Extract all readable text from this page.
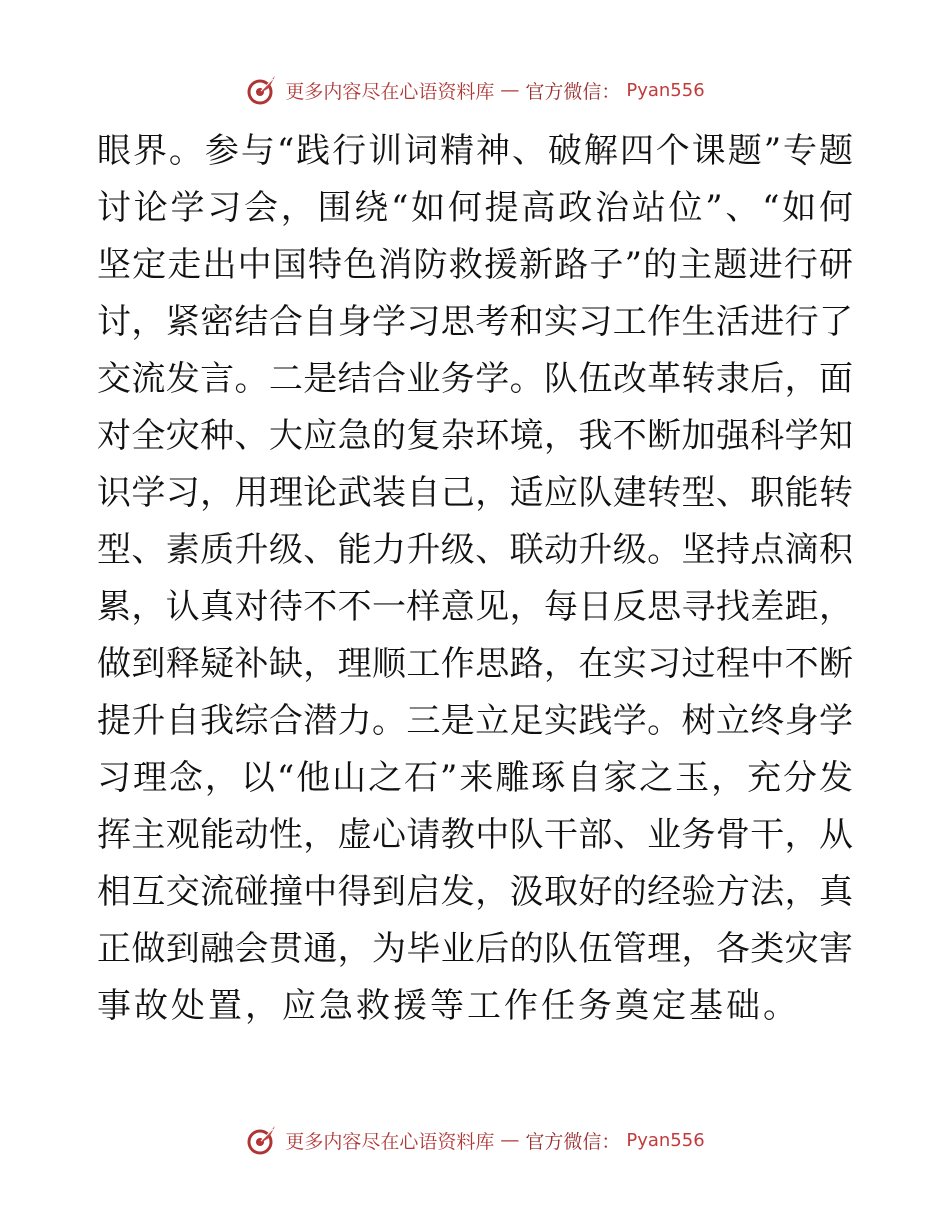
更多内容尽在心语资料库 — 官方微信： Pyan556
眼界。参与“践行训词精神、破解四个课题”专题
讨论学习会，围绕“如何提高政治站位”、“如何
坚定走出中国特色消防救援新路子”的主题进行研
讨，紧密结合自身学习思考和实习工作生活进行了
交流发言。二是结合业务学。队伍改革转隶后，面
对全灾种、大应急的复杂环境，我不断加强科学知
识学习，用理论武装自己，适应队建转型、职能转
型、素质升级、能力升级、联动升级。坚持点滴积
累，认真对待不不一样意见，每日反思寻找差距，
做到释疑补缺，理顺工作思路，在实习过程中不断
提升自我综合潜力。三是立足实践学。树立终身学
习理念，以“他山之石”来雕琢自家之玉，充分发
挥主观能动性，虚心请教中队干部、业务骨干，从
相互交流碰撞中得到启发，汲取好的经验方法，真
正做到融会贯通，为毕业后的队伍管理，各类灾害
事故处置，应急救援等工作任务奠定基础。
更多内容尽在心语资料库 — 官方微信： Pyan556
